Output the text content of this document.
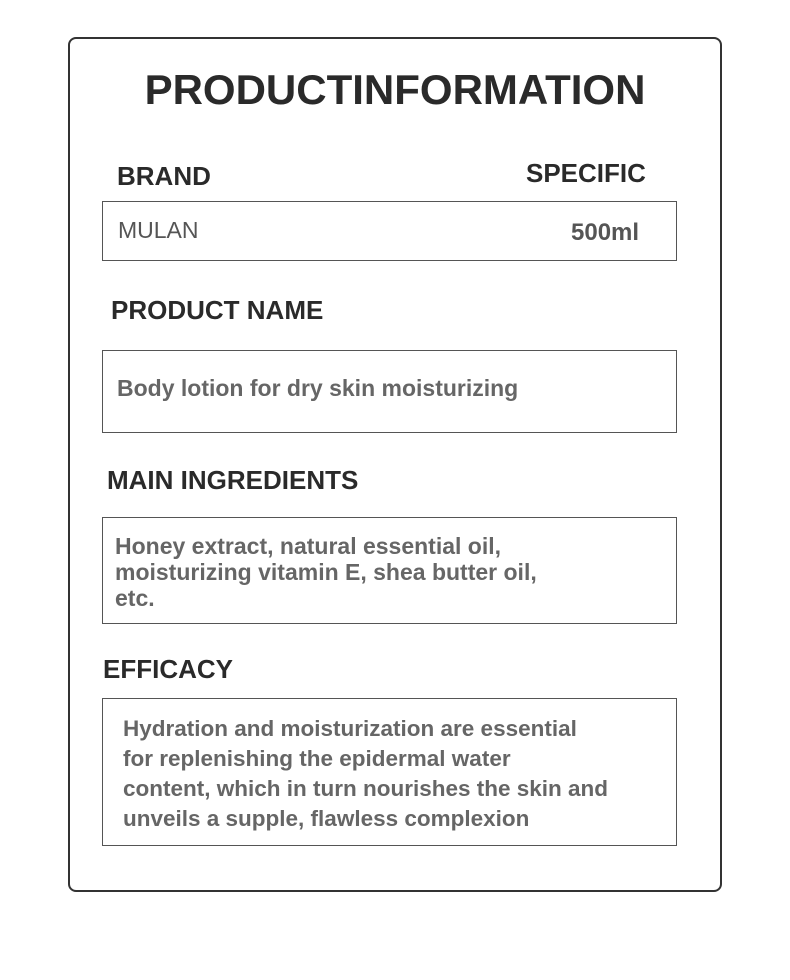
PRODUCTINFORMATION
BRAND	SPECIFIC
MULAN	500ml
PRODUCT NAME
Body lotion for dry skin moisturizing
MAIN INGREDIENTS
Honey extract, natural essential oil,
moisturizing vitamin E, shea butter oil,
etc.
EFFICACY
Hydration and moisturization are essential
for replenishing the epidermal water
content, which in turn nourishes the skin and
unveils a supple, flawless complexion
